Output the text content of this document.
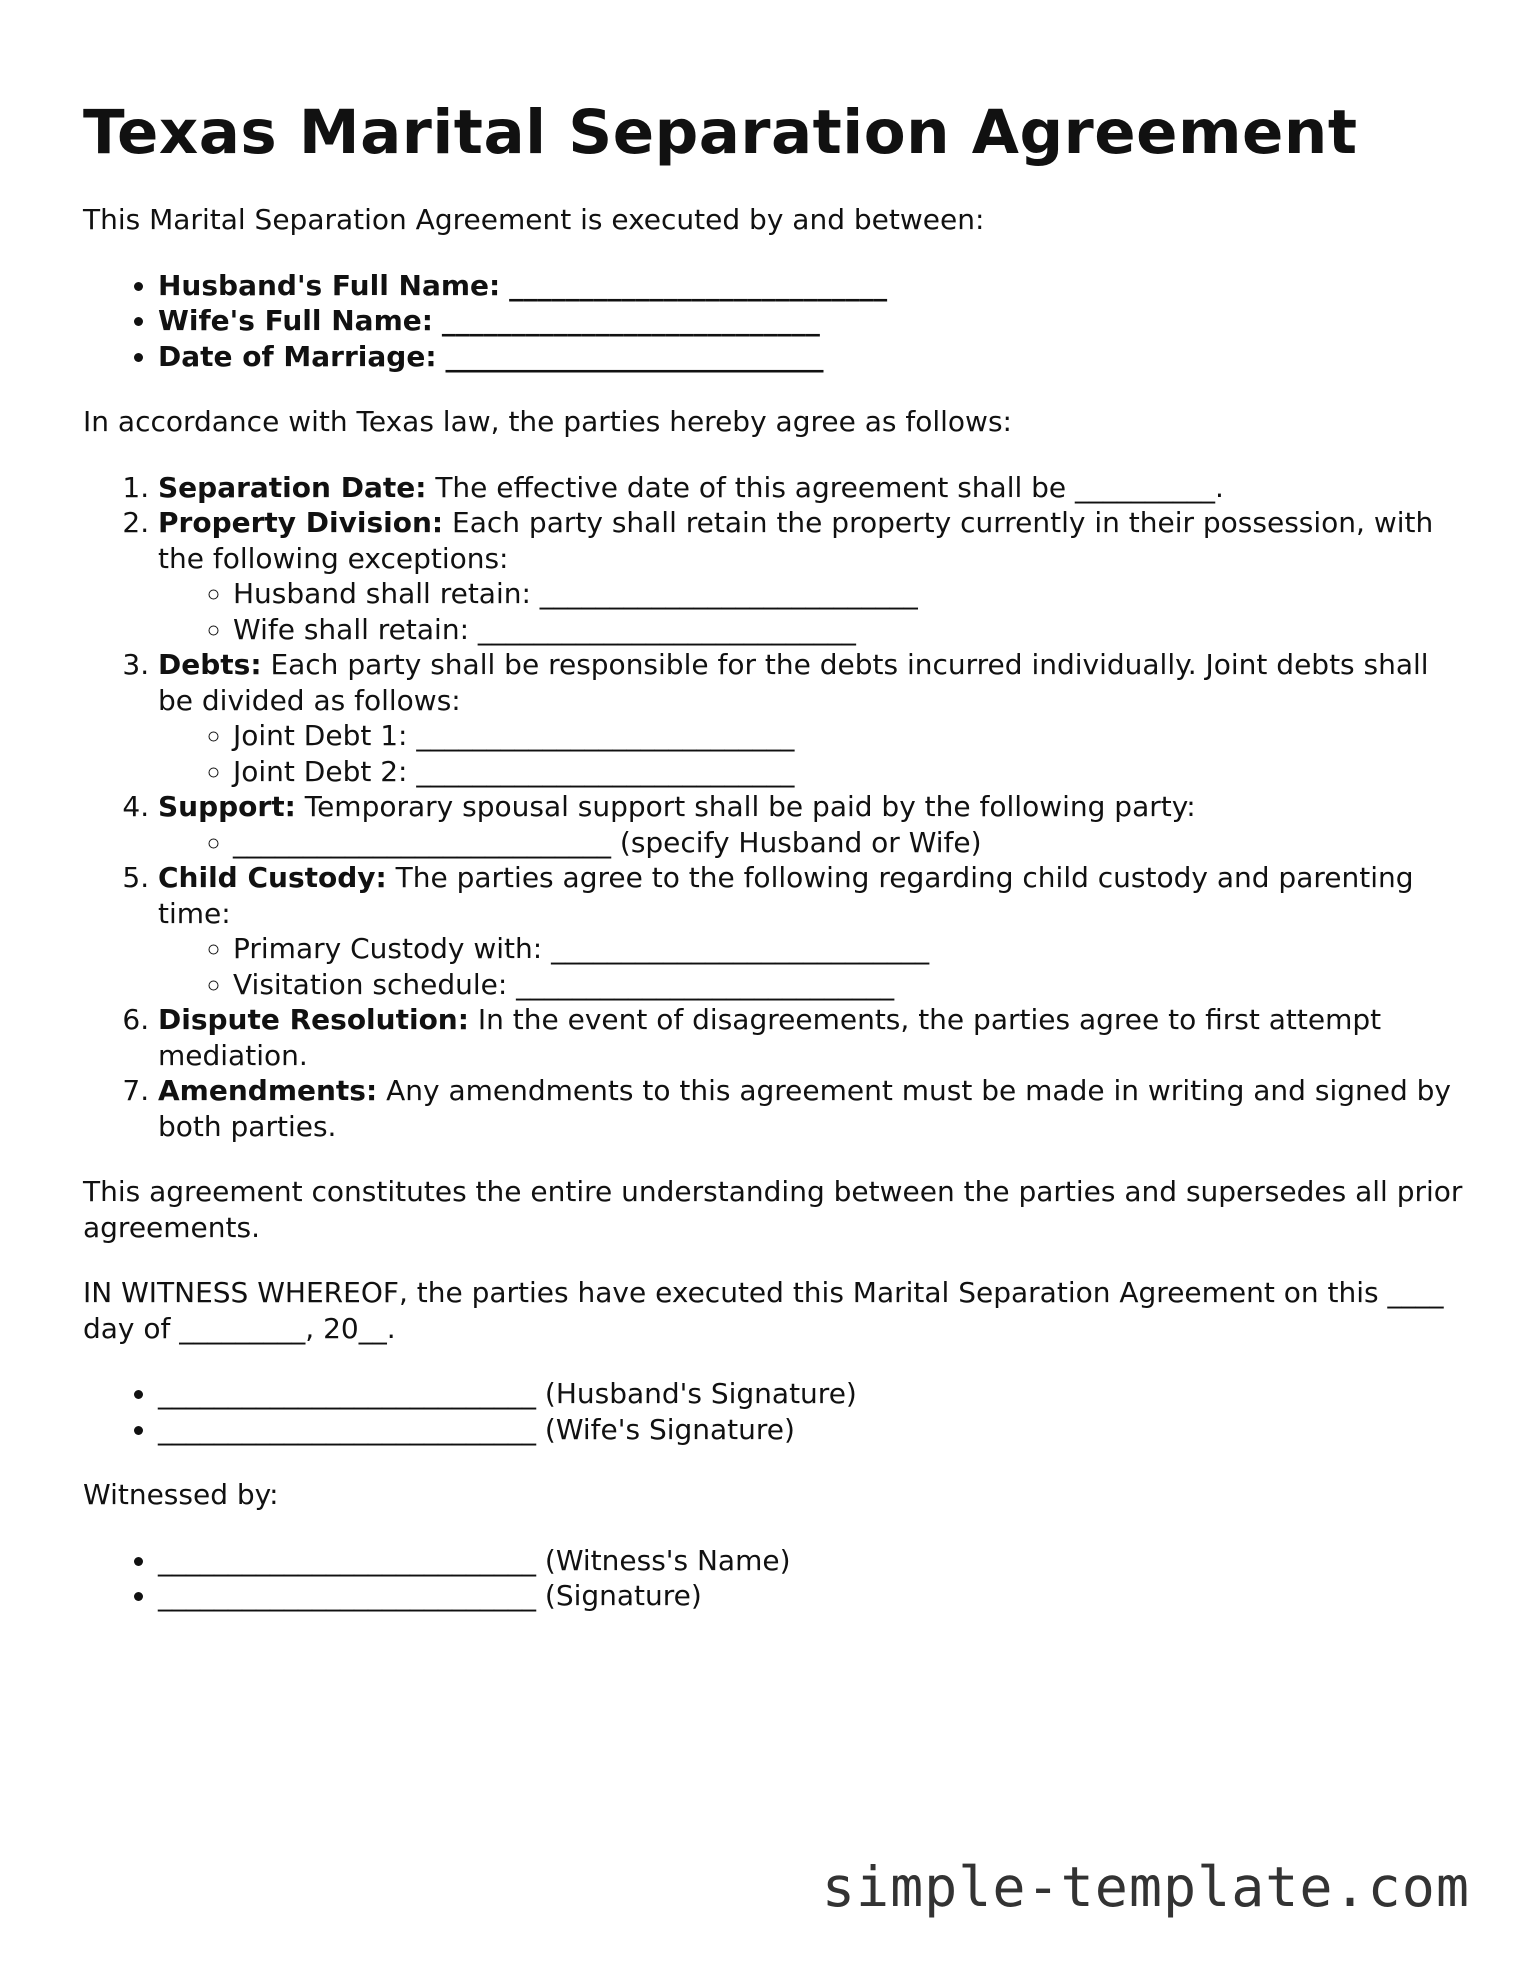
Texas Marital Separation Agreement

This Marital Separation Agreement is executed by and between:

• Husband's Full Name: ___________________________
• Wife's Full Name: ___________________________
• Date of Marriage: ___________________________

In accordance with Texas law, the parties hereby agree as follows:

1. Separation Date: The effective date of this agreement shall be __________.
2. Property Division: Each party shall retain the property currently in their possession, with the following exceptions:
◦ Husband shall retain: ___________________________
◦ Wife shall retain: ___________________________
3. Debts: Each party shall be responsible for the debts incurred individually. Joint debts shall be divided as follows:
◦ Joint Debt 1: ___________________________
◦ Joint Debt 2: ___________________________
4. Support: Temporary spousal support shall be paid by the following party:
◦ ___________________________ (specify Husband or Wife)
5. Child Custody: The parties agree to the following regarding child custody and parenting time:
◦ Primary Custody with: ___________________________
◦ Visitation schedule: ___________________________
6. Dispute Resolution: In the event of disagreements, the parties agree to first attempt mediation.
7. Amendments: Any amendments to this agreement must be made in writing and signed by both parties.

This agreement constitutes the entire understanding between the parties and supersedes all prior agreements.

IN WITNESS WHEREOF, the parties have executed this Marital Separation Agreement on this ____ day of _________, 20__.

• ___________________________ (Husband's Signature)
• ___________________________ (Wife's Signature)

Witnessed by:

• ___________________________ (Witness's Name)
• ___________________________ (Signature)
simple-template.com
